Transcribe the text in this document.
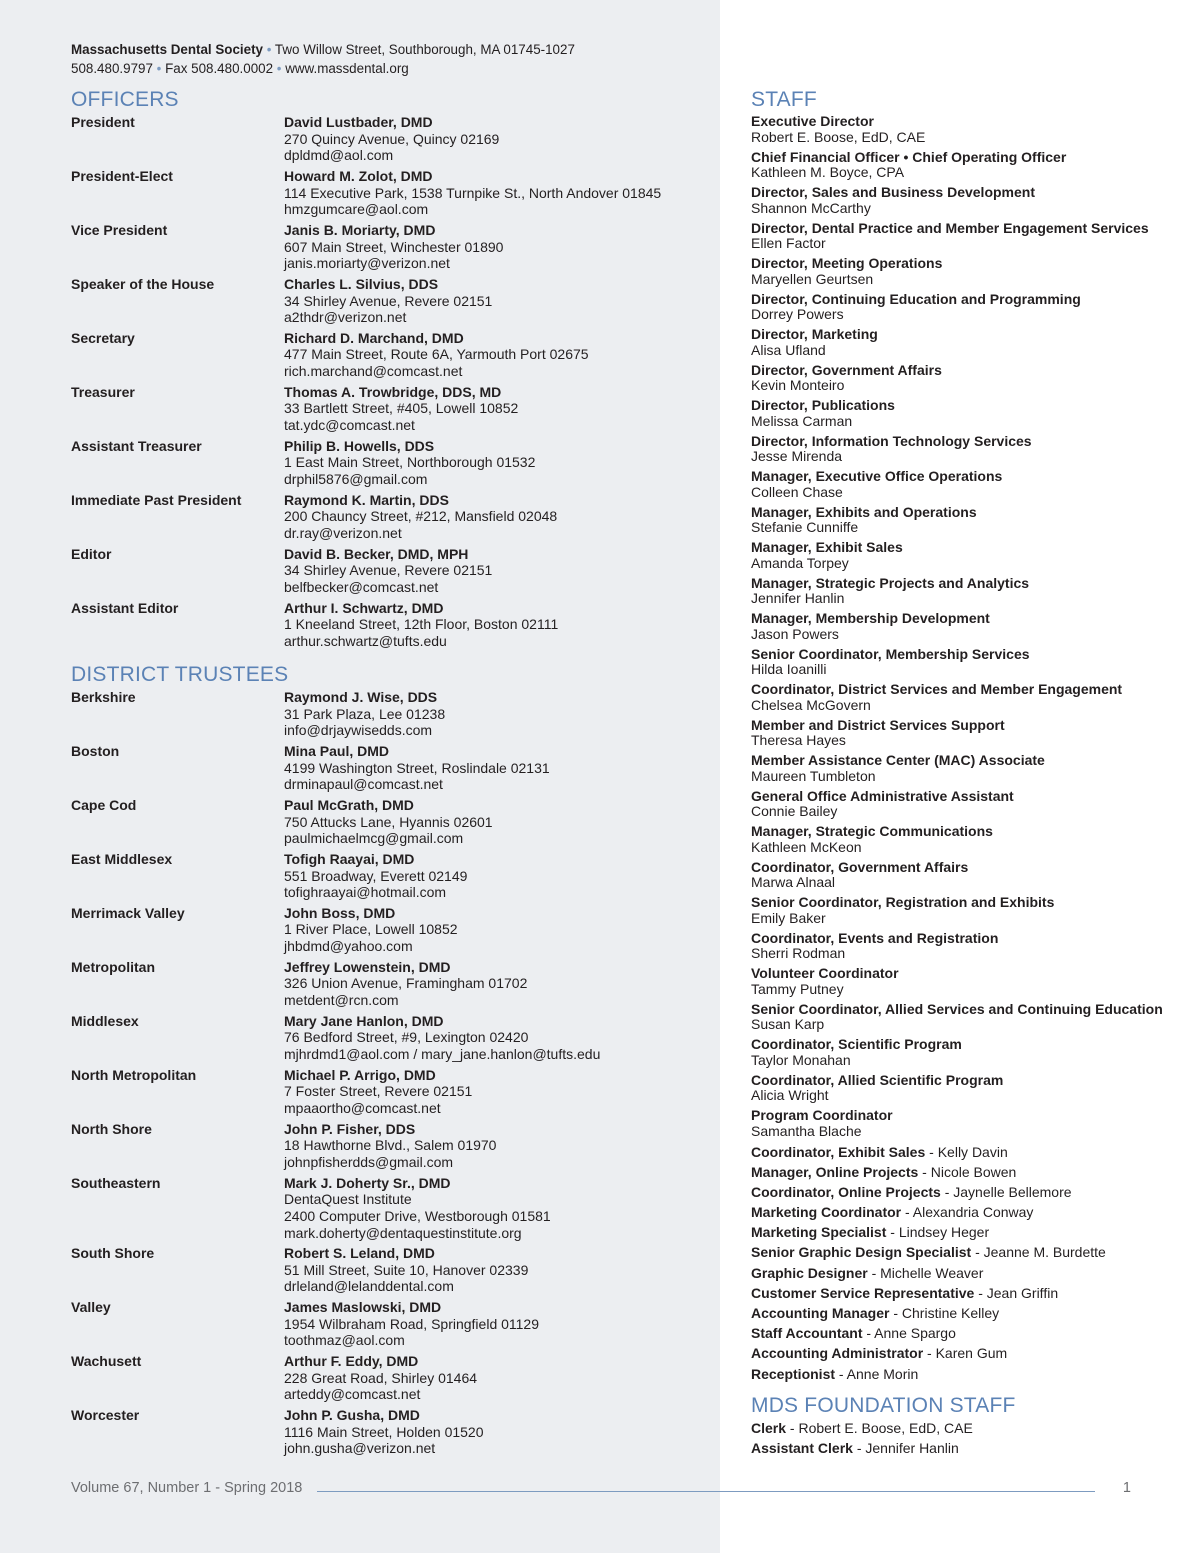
Massachusetts Dental Society • Two Willow Street, Southborough, MA 01745-1027
508.480.9797 • Fax 508.480.0002 • www.massdental.org
OFFICERS
President	David Lustbader, DMD
270 Quincy Avenue, Quincy 02169
dpldmd@aol.com
President-Elect	Howard M. Zolot, DMD
114 Executive Park, 1538 Turnpike St., North Andover 01845
hmzgumcare@aol.com
Vice President	Janis B. Moriarty, DMD
607 Main Street, Winchester 01890
janis.moriarty@verizon.net
Speaker of the House	Charles L. Silvius, DDS
34 Shirley Avenue, Revere 02151
a2thdr@verizon.net
Secretary	Richard D. Marchand, DMD
477 Main Street, Route 6A, Yarmouth Port 02675
rich.marchand@comcast.net
Treasurer	Thomas A. Trowbridge, DDS, MD
33 Bartlett Street, #405, Lowell 10852
tat.ydc@comcast.net
Assistant Treasurer	Philip B. Howells, DDS
1 East Main Street, Northborough 01532
drphil5876@gmail.com
Immediate Past President	Raymond K. Martin, DDS
200 Chauncy Street, #212, Mansfield 02048
dr.ray@verizon.net
Editor	David B. Becker, DMD, MPH
34 Shirley Avenue, Revere 02151
belfbecker@comcast.net
Assistant Editor	Arthur I. Schwartz, DMD
1 Kneeland Street, 12th Floor, Boston 02111
arthur.schwartz@tufts.edu
DISTRICT TRUSTEES
Berkshire	Raymond J. Wise, DDS
31 Park Plaza, Lee 01238
info@drjaywisedds.com
Boston	Mina Paul, DMD
4199 Washington Street, Roslindale 02131
drminapaul@comcast.net
Cape Cod	Paul McGrath, DMD
750 Attucks Lane, Hyannis 02601
paulmichaelmcg@gmail.com
East Middlesex	Tofigh Raayai, DMD
551 Broadway, Everett 02149
tofighraayai@hotmail.com
Merrimack Valley	John Boss, DMD
1 River Place, Lowell 10852
jhbdmd@yahoo.com
Metropolitan	Jeffrey Lowenstein, DMD
326 Union Avenue, Framingham 01702
metdent@rcn.com
Middlesex	Mary Jane Hanlon, DMD
76 Bedford Street, #9, Lexington 02420
mjhrdmd1@aol.com / mary_jane.hanlon@tufts.edu
North Metropolitan	Michael P. Arrigo, DMD
7 Foster Street, Revere 02151
mpaaortho@comcast.net
North Shore	John P. Fisher, DDS
18 Hawthorne Blvd., Salem 01970
johnpfisherdds@gmail.com
Southeastern	Mark J. Doherty Sr., DMD
DentaQuest Institute
2400 Computer Drive, Westborough 01581
mark.doherty@dentaquestinstitute.org
South Shore	Robert S. Leland, DMD
51 Mill Street, Suite 10, Hanover 02339
drleland@lelanddental.com
Valley	James Maslowski, DMD
1954 Wilbraham Road, Springfield 01129
toothmaz@aol.com
Wachusett	Arthur F. Eddy, DMD
228 Great Road, Shirley 01464
arteddy@comcast.net
Worcester	John P. Gusha, DMD
1116 Main Street, Holden 01520
john.gusha@verizon.net
STAFF
Executive Director
Robert E. Boose, EdD, CAE
Chief Financial Officer • Chief Operating Officer
Kathleen M. Boyce, CPA
Director, Sales and Business Development
Shannon McCarthy
Director, Dental Practice and Member Engagement Services
Ellen Factor
Director, Meeting Operations
Maryellen Geurtsen
Director, Continuing Education and Programming
Dorrey Powers
Director, Marketing
Alisa Ufland
Director, Government Affairs
Kevin Monteiro
Director, Publications
Melissa Carman
Director, Information Technology Services
Jesse Mirenda
Manager, Executive Office Operations
Colleen Chase
Manager, Exhibits and Operations
Stefanie Cunniffe
Manager, Exhibit Sales
Amanda Torpey
Manager, Strategic Projects and Analytics
Jennifer Hanlin
Manager, Membership Development
Jason Powers
Senior Coordinator, Membership Services
Hilda Ioanilli
Coordinator, District Services and Member Engagement
Chelsea McGovern
Member and District Services Support
Theresa Hayes
Member Assistance Center (MAC) Associate
Maureen Tumbleton
General Office Administrative Assistant
Connie Bailey
Manager, Strategic Communications
Kathleen McKeon
Coordinator, Government Affairs
Marwa Alnaal
Senior Coordinator, Registration and Exhibits
Emily Baker
Coordinator, Events and Registration
Sherri Rodman
Volunteer Coordinator
Tammy Putney
Senior Coordinator, Allied Services and Continuing Education
Susan Karp
Coordinator, Scientific Program
Taylor Monahan
Coordinator, Allied Scientific Program
Alicia Wright
Program Coordinator
Samantha Blache
Coordinator, Exhibit Sales - Kelly Davin
Manager, Online Projects - Nicole Bowen
Coordinator, Online Projects - Jaynelle Bellemore
Marketing Coordinator - Alexandria Conway
Marketing Specialist - Lindsey Heger
Senior Graphic Design Specialist - Jeanne M. Burdette
Graphic Designer - Michelle Weaver
Customer Service Representative - Jean Griffin
Accounting Manager - Christine Kelley
Staff Accountant - Anne Spargo
Accounting Administrator - Karen Gum
Receptionist - Anne Morin
MDS FOUNDATION STAFF
Clerk - Robert E. Boose, EdD, CAE
Assistant Clerk - Jennifer Hanlin
Volume 67, Number 1 - Spring 2018	1
